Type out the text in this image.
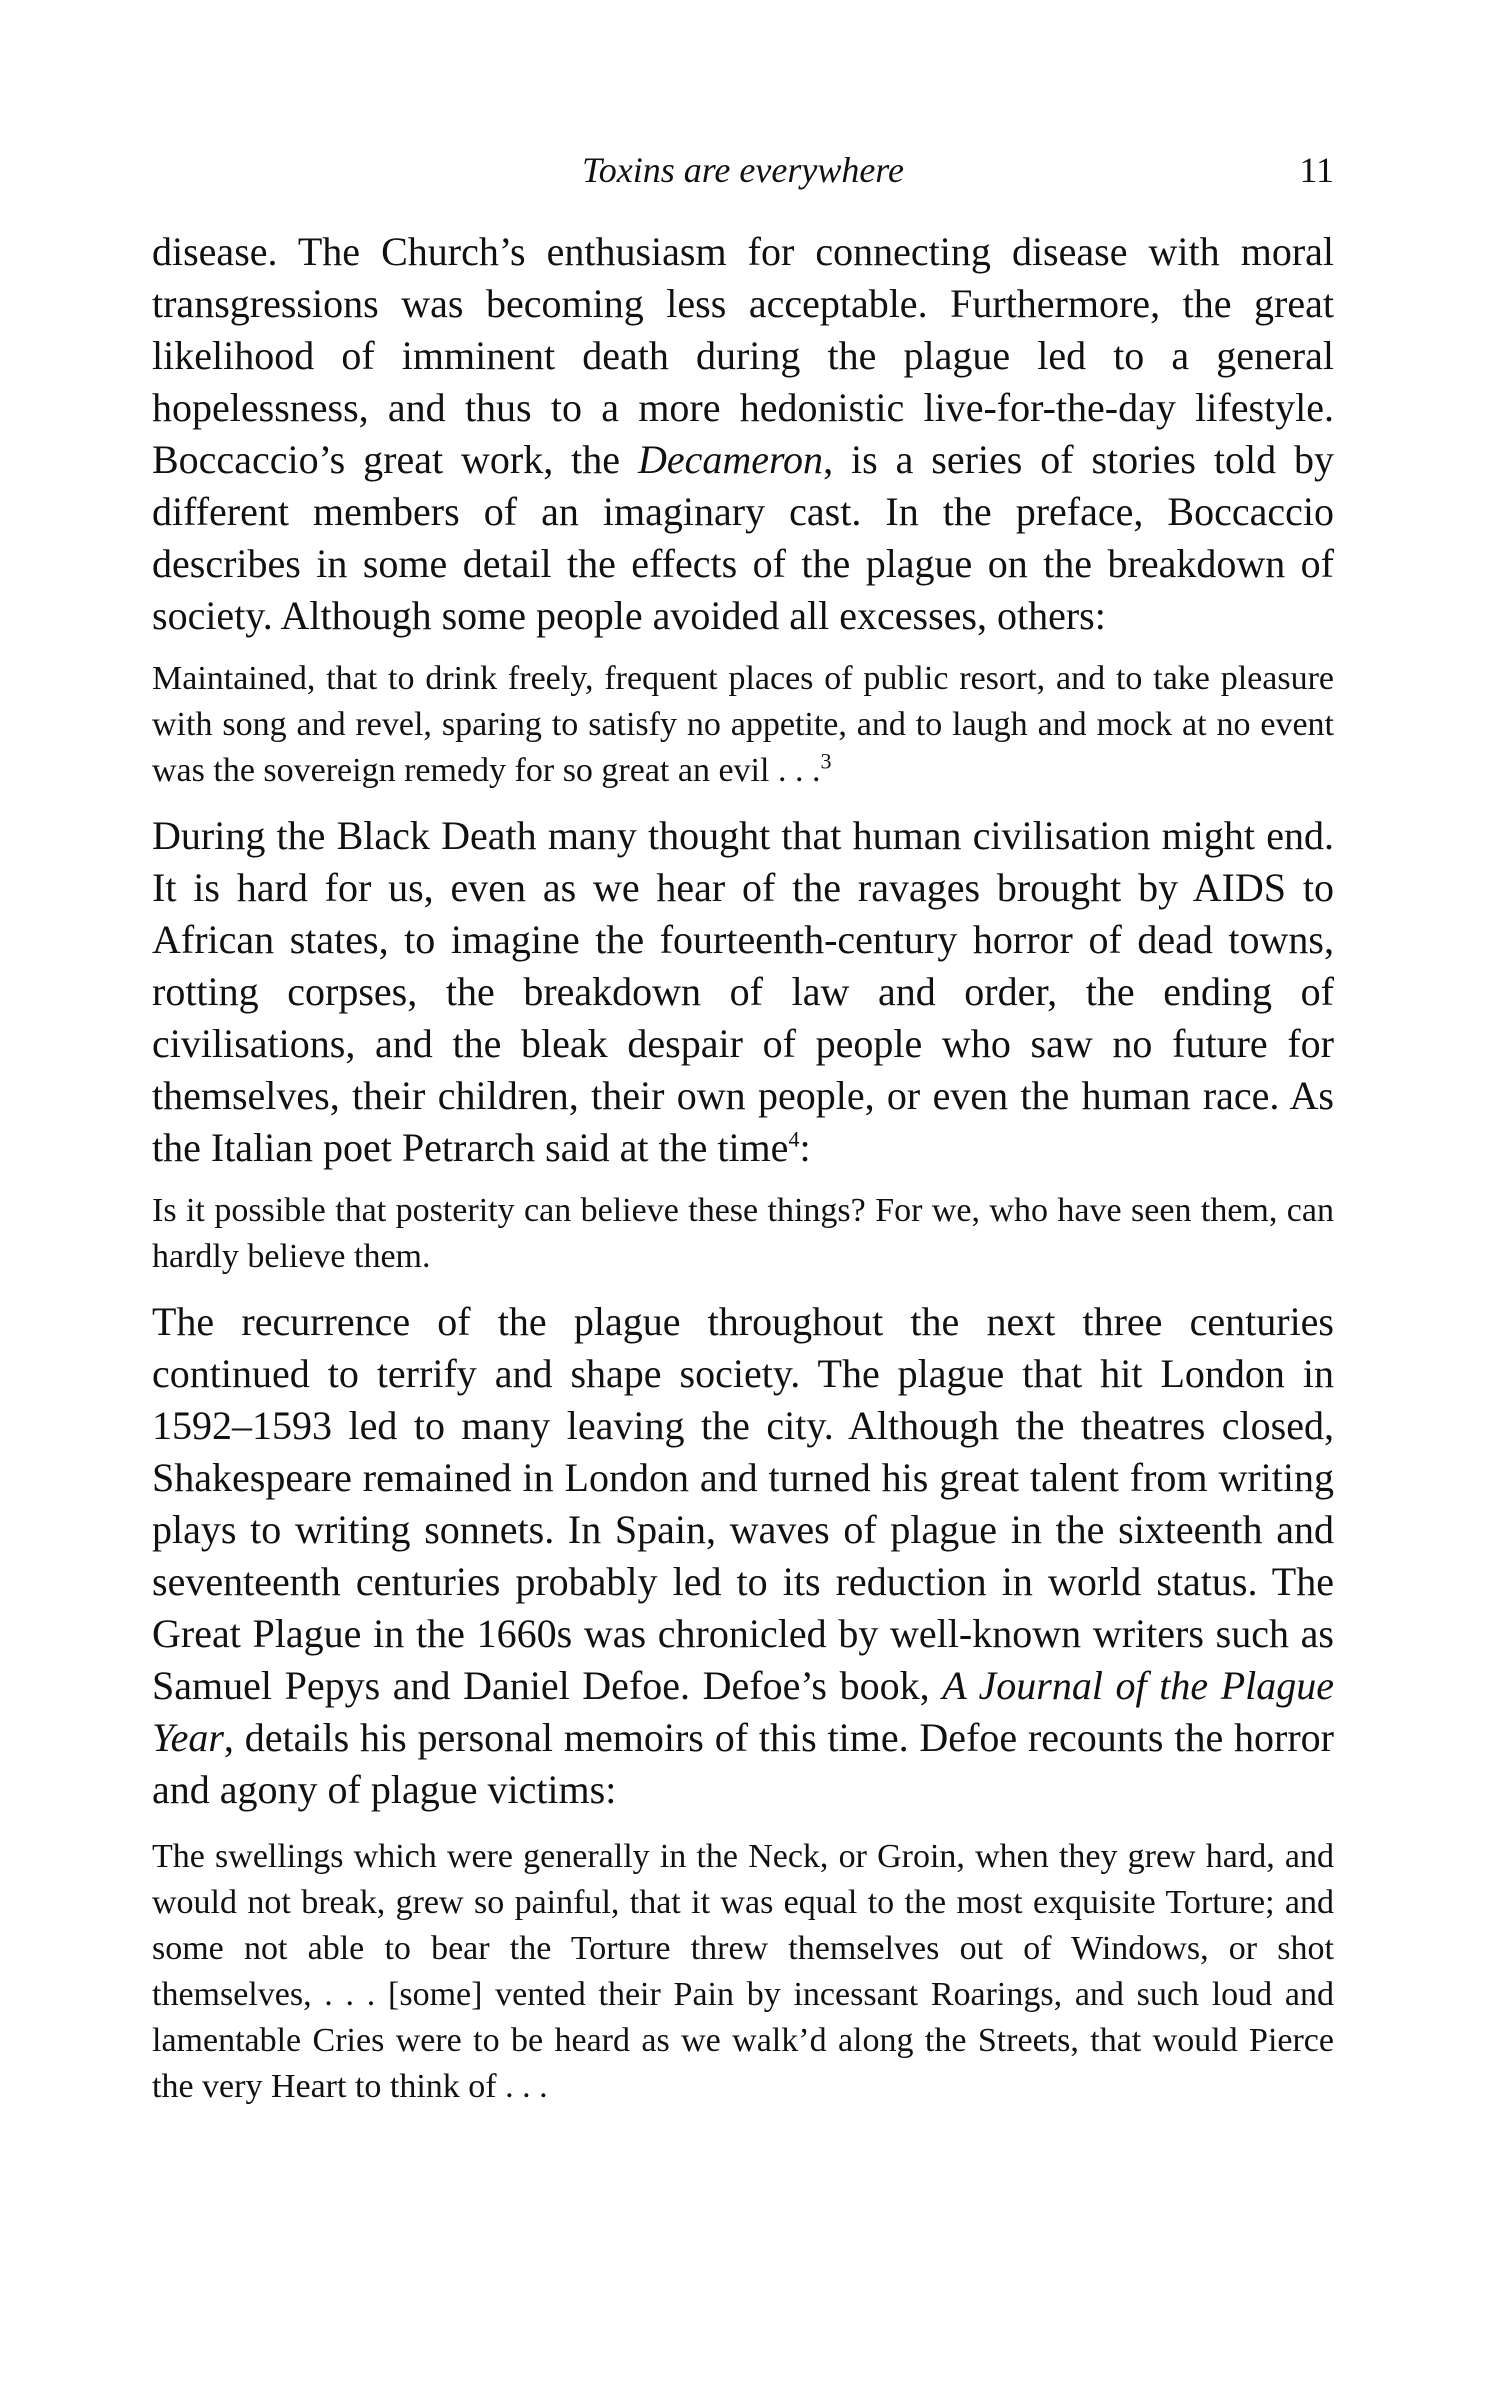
Toxins are everywhere	11

disease. The Church’s enthusiasm for connecting disease with moral transgressions was becoming less acceptable. Furthermore, the great likelihood of imminent death during the plague led to a general hopelessness, and thus to a more hedonistic live-for-the-day lifestyle. Boccaccio’s great work, the Decameron, is a series of stories told by different members of an imaginary cast. In the preface, Boccaccio describes in some detail the effects of the plague on the breakdown of society. Although some people avoided all excesses, others:

Maintained, that to drink freely, frequent places of public resort, and to take pleasure with song and revel, sparing to satisfy no appetite, and to laugh and mock at no event was the sovereign remedy for so great an evil . . .$^3$

During the Black Death many thought that human civilisation might end. It is hard for us, even as we hear of the ravages brought by AIDS to African states, to imagine the fourteenth-century horror of dead towns, rotting corpses, the breakdown of law and order, the ending of civilisations, and the bleak despair of people who saw no future for themselves, their children, their own people, or even the human race. As the Italian poet Petrarch said at the time$^4$:

Is it possible that posterity can believe these things? For we, who have seen them, can hardly believe them.

The recurrence of the plague throughout the next three centuries continued to terrify and shape society. The plague that hit London in 1592–1593 led to many leaving the city. Although the theatres closed, Shakespeare remained in London and turned his great talent from writing plays to writing sonnets. In Spain, waves of plague in the sixteenth and seventeenth centuries probably led to its reduction in world status. The Great Plague in the 1660s was chronicled by well-known writers such as Samuel Pepys and Daniel Defoe. Defoe’s book, A Journal of the Plague Year, details his personal memoirs of this time. Defoe recounts the horror and agony of plague victims:

The swellings which were generally in the Neck, or Groin, when they grew hard, and would not break, grew so painful, that it was equal to the most exquisite Torture; and some not able to bear the Torture threw themselves out of Windows, or shot themselves, . . . [some] vented their Pain by incessant Roarings, and such loud and lamentable Cries were to be heard as we walk’d along the Streets, that would Pierce the very Heart to think of . . .
